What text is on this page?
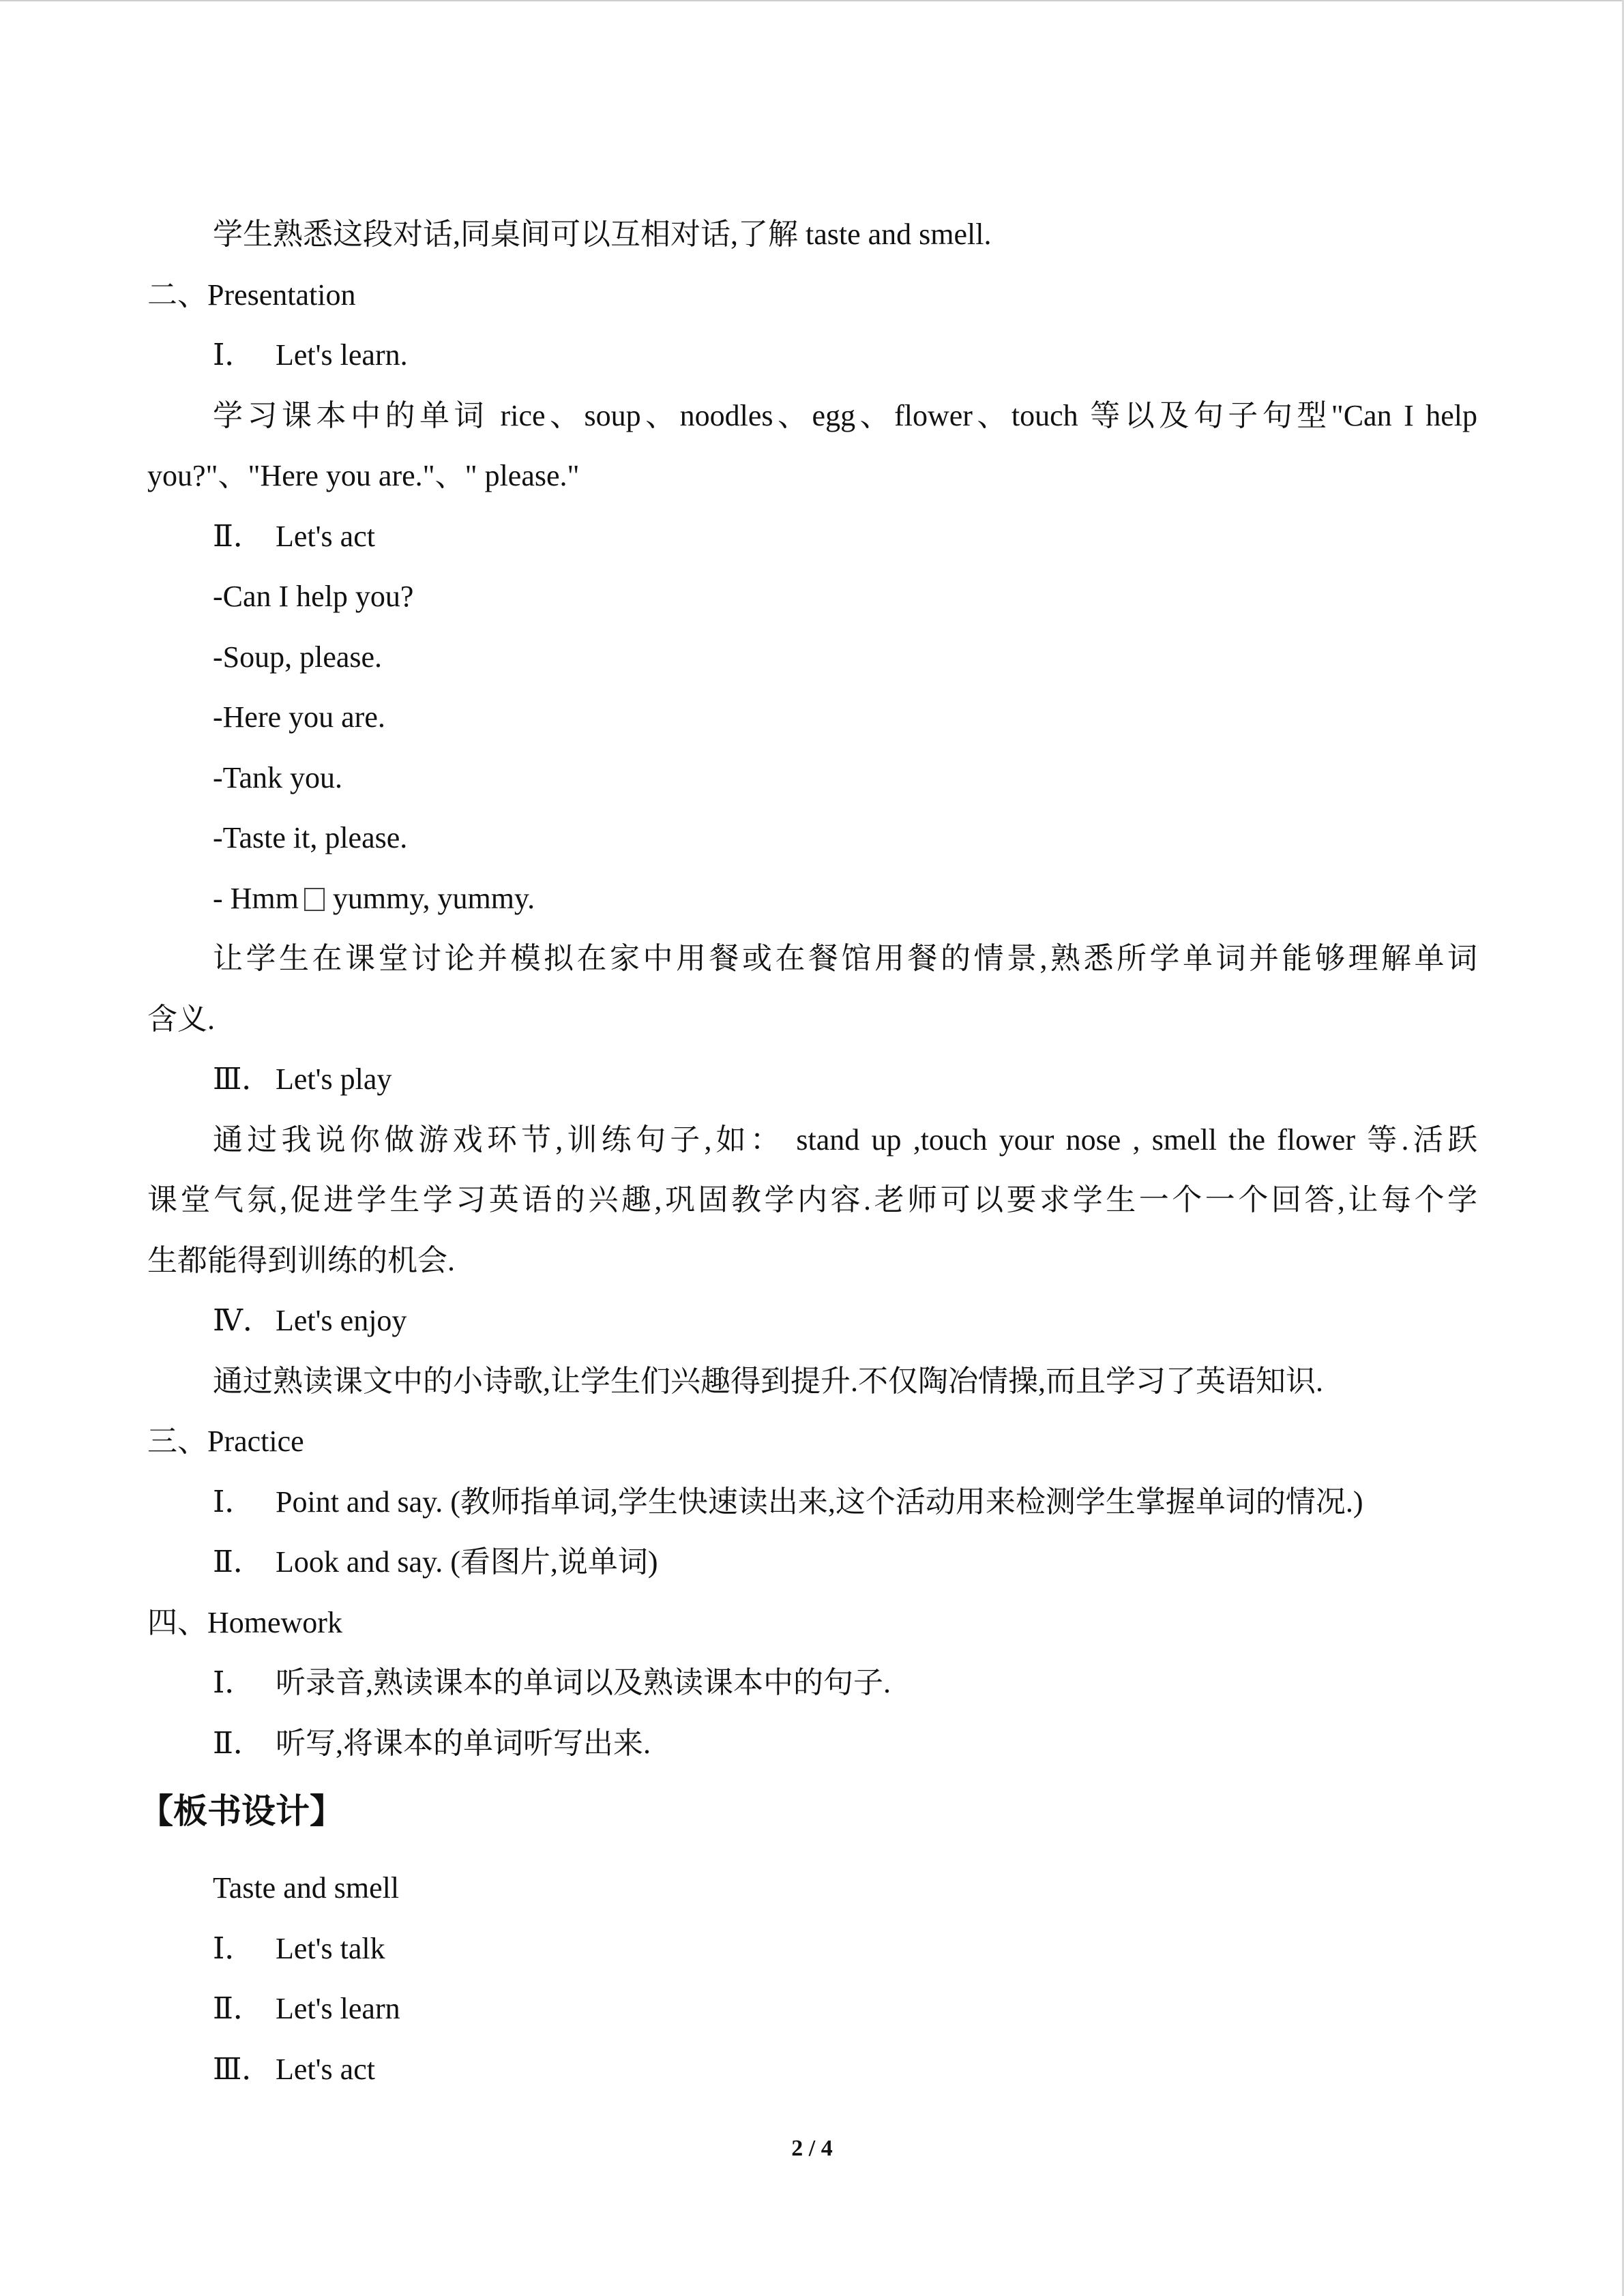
学生熟悉这段对话,同桌间可以互相对话,了解 taste and smell.
二、Presentation
Ⅰ． Let's learn.
学习课本中的单词 rice、soup、noodles、egg、flower、touch 等以及句子句型"Can I help
you?"、"Here you are."、" please."
Ⅱ． Let's act
-Can I help you?
-Soup, please.
-Here you are.
-Tank you.
-Taste it, please.
- Hmm yummy, yummy.
让学生在课堂讨论并模拟在家中用餐或在餐馆用餐的情景,熟悉所学单词并能够理解单词
含义.
Ⅲ． Let's play
通过我说你做游戏环节,训练句子,如： stand up ,touch your nose , smell the flower 等.活跃
课堂气氛,促进学生学习英语的兴趣,巩固教学内容.老师可以要求学生一个一个回答,让每个学
生都能得到训练的机会.
Ⅳ．Let's enjoy
通过熟读课文中的小诗歌,让学生们兴趣得到提升.不仅陶冶情操,而且学习了英语知识.
三、Practice
Ⅰ． Point and say. (教师指单词,学生快速读出来,这个活动用来检测学生掌握单词的情况.)
Ⅱ． Look and say. (看图片,说单词)
四、Homework
Ⅰ． 听录音,熟读课本的单词以及熟读课本中的句子.
Ⅱ． 听写,将课本的单词听写出来.
【板书设计】
Taste and smell
Ⅰ． Let's talk
Ⅱ． Let's learn
Ⅲ． Let's act
2 / 4
